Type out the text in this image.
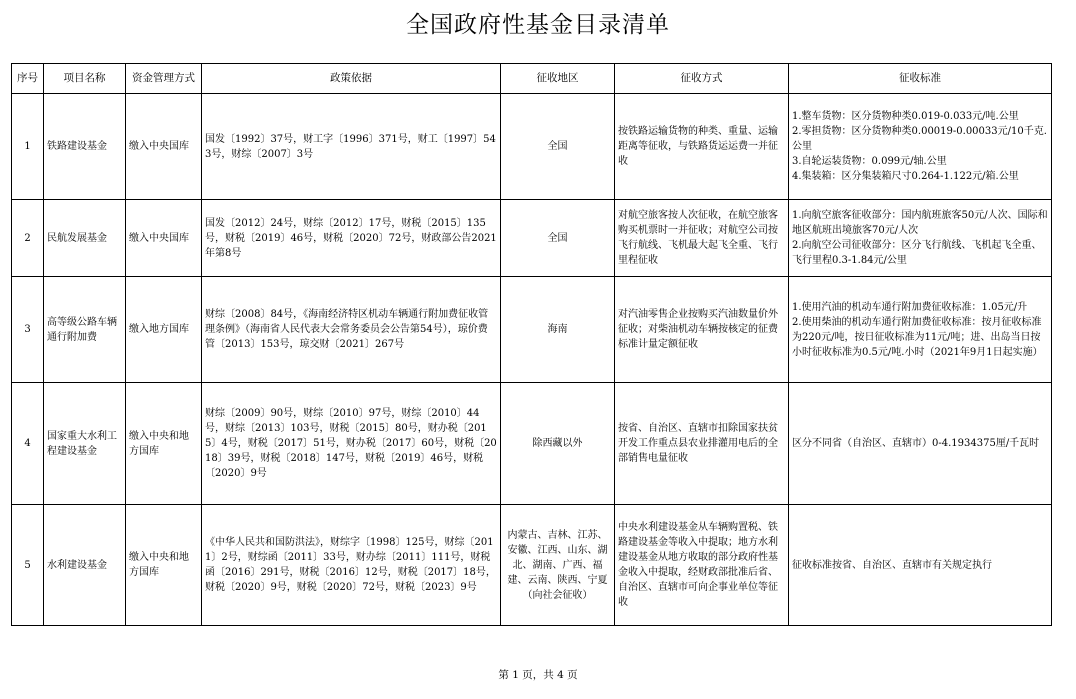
全国政府性基金目录清单
序号	项目名称	资金管理方式	政策依据	征收地区	征收方式	征收标准
1	铁路建设基金	缴入中央国库	国发〔1992〕37号，财工字〔1996〕371号，财工〔1997〕543号，财综〔2007〕3号	全国	按铁路运输货物的种类、重量、运输距离等征收，与铁路货运运费一并征收	1.整车货物：区分货物种类0.019-0.033元/吨.公里
2.零担货物：区分货物种类0.00019-0.00033元/10千克.公里
3.自轮运装货物：0.099元/轴.公里
4.集装箱：区分集装箱尺寸0.264-1.122元/箱.公里

2	民航发展基金	缴入中央国库	国发〔2012〕24号，财综〔2012〕17号，财税〔2015〕135号，财税〔2019〕46号，财税〔2020〕72号，财政部公告2021年第8号	全国	对航空旅客按人次征收，在航空旅客购买机票时一并征收；对航空公司按飞行航线、飞机最大起飞全重、飞行里程征收	1.向航空旅客征收部分：国内航班旅客50元/人次、国际和地区航班出境旅客70元/人次
2.向航空公司征收部分：区分飞行航线、飞机起飞全重、飞行里程0.3-1.84元/公里

3	高等级公路车辆通行附加费	缴入地方国库	财综〔2008〕84号，《海南经济特区机动车辆通行附加费征收管理条例》（海南省人民代表大会常务委员会公告第54号），琼价费管〔2013〕153号，琼交财〔2021〕267号	海南	对汽油零售企业按购买汽油数量价外征收；对柴油机动车辆按核定的征费标准计量定额征收	1.使用汽油的机动车通行附加费征收标准：1.05元/升
2.使用柴油的机动车通行附加费征收标准：按月征收标准为220元/吨，按日征收标准为11元/吨；进、出岛当日按小时征收标准为0.5元/吨.小时（2021年9月1日起实施）

4	国家重大水利工程建设基金	缴入中央和地方国库	财综〔2009〕90号，财综〔2010〕97号，财综〔2010〕44号，财综〔2013〕103号，财税〔2015〕80号，财办税〔2015〕4号，财税〔2017〕51号，财办税〔2017〕60号，财税〔2018〕39号，财税〔2018〕147号，财税〔2019〕46号，财税〔2020〕9号	除西藏以外	按省、自治区、直辖市扣除国家扶贫开发工作重点县农业排灌用电后的全部销售电量征收	区分不同省（自治区、直辖市）0-4.1934375厘/千瓦时

5	水利建设基金	缴入中央和地方国库	《中华人民共和国防洪法》，财综字〔1998〕125号，财综〔2011〕2号，财综函〔2011〕33号，财办综〔2011〕111号，财税函〔2016〕291号，财税〔2016〕12号，财税〔2017〕18号，财税〔2020〕9号，财税〔2020〕72号，财税〔2023〕9号	内蒙古、吉林、江苏、安徽、江西、山东、湖北、湖南、广西、福建、云南、陕西、宁夏（向社会征收）	中央水利建设基金从车辆购置税、铁路建设基金等收入中提取；地方水利建设基金从地方收取的部分政府性基金收入中提取，经财政部批准后省、自治区、直辖市可向企事业单位等征收	征收标准按省、自治区、直辖市有关规定执行
第 1 页，共 4 页
